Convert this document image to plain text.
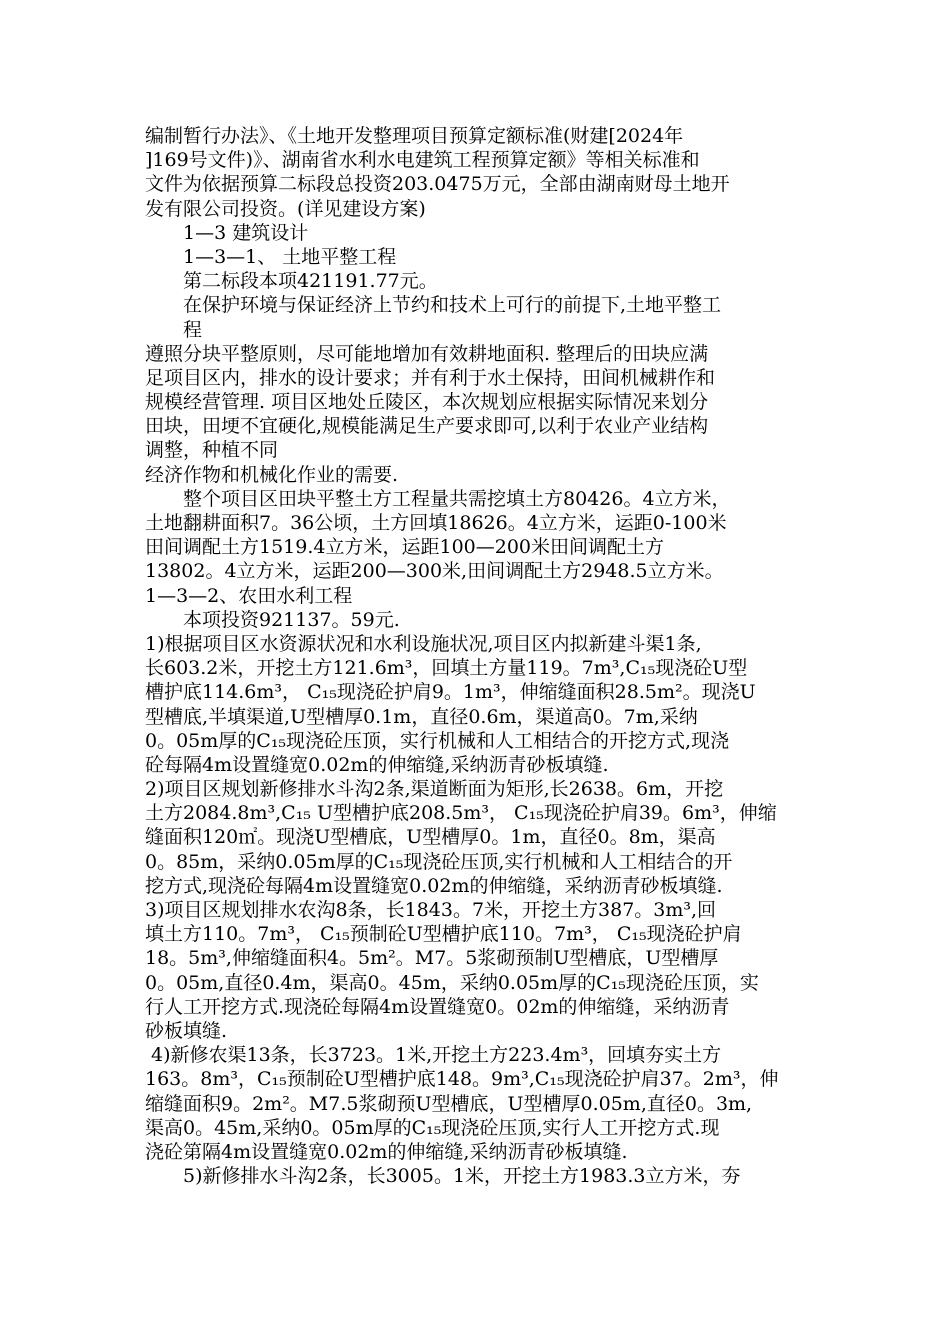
编制暂行办法》、《土地开发整理项目预算定额标准(财建[2024年
]169号文件)》、湖南省水利水电建筑工程预算定额》等相关标准和
文件为依据预算二标段总投资203.0475万元，全部由湖南财母土地开
发有限公司投资。(详见建设方案)
1—3 建筑设计
1—3—1、 土地平整工程
第二标段本项421191.77元。
在保护环境与保证经济上节约和技术上可行的前提下,土地平整工
程
遵照分块平整原则，尽可能地增加有效耕地面积. 整理后的田块应满
足项目区内，排水的设计要求；并有利于水土保持，田间机械耕作和
规模经营管理. 项目区地处丘陵区，本次规划应根据实际情况来划分
田块，田埂不宜硬化,规模能满足生产要求即可,以利于农业产业结构
调整，种植不同
经济作物和机械化作业的需要.
整个项目区田块平整土方工程量共需挖填土方80426。4立方米，
土地翻耕面积7。36公顷，土方回填18626。4立方米，运距0-100米
田间调配土方1519.4立方米，运距100—200米田间调配土方
13802。4立方米，运距200—300米,田间调配土方2948.5立方米。
1—3—2、农田水利工程
本项投资921137。59元.
1)根据项目区水资源状况和水利设施状况,项目区内拟新建斗渠1条,
长603.2米，开挖土方121.6m³，回填土方量119。7m³,C₁₅现浇砼U型
槽护底114.6m³， C₁₅现浇砼护肩9。1m³，伸缩缝面积28.5m²。现浇U
型槽底,半填渠道,U型槽厚0.1m，直径0.6m，渠道高0。7m,采纳
0。05m厚的C₁₅现浇砼压顶，实行机械和人工相结合的开挖方式,现浇
砼每隔4m设置缝宽0.02m的伸缩缝,采纳沥青砂板填缝.
2)项目区规划新修排水斗沟2条,渠道断面为矩形,长2638。6m，开挖
土方2084.8m³,C₁₅ U型槽护底208.5m³， C₁₅现浇砼护肩39。6m³，伸缩
缝面积120㎡。现浇U型槽底，U型槽厚0。1m，直径0。8m，渠高
0。85m，采纳0.05m厚的C₁₅现浇砼压顶,实行机械和人工相结合的开
挖方式,现浇砼每隔4m设置缝宽0.02m的伸缩缝，采纳沥青砂板填缝.
3)项目区规划排水农沟8条，长1843。7米，开挖土方387。3m³,回
填土方110。7m³， C₁₅预制砼U型槽护底110。7m³， C₁₅现浇砼护肩
18。5m³,伸缩缝面积4。5m²。M7。5浆砌预制U型槽底，U型槽厚
0。05m,直径0.4m，渠高0。45m，采纳0.05m厚的C₁₅现浇砼压顶，实
行人工开挖方式.现浇砼每隔4m设置缝宽0。02m的伸缩缝，采纳沥青
砂板填缝.
4)新修农渠13条，长3723。1米,开挖土方223.4m³，回填夯实土方
163。8m³，C₁₅预制砼U型槽护底148。9m³,C₁₅现浇砼护肩37。2m³，伸
缩缝面积9。2m²。M7.5浆砌预U型槽底，U型槽厚0.05m,直径0。3m,
渠高0。45m,采纳0。05m厚的C₁₅现浇砼压顶,实行人工开挖方式.现
浇砼第隔4m设置缝宽0.02m的伸缩缝,采纳沥青砂板填缝.
5)新修排水斗沟2条，长3005。1米，开挖土方1983.3立方米，夯
